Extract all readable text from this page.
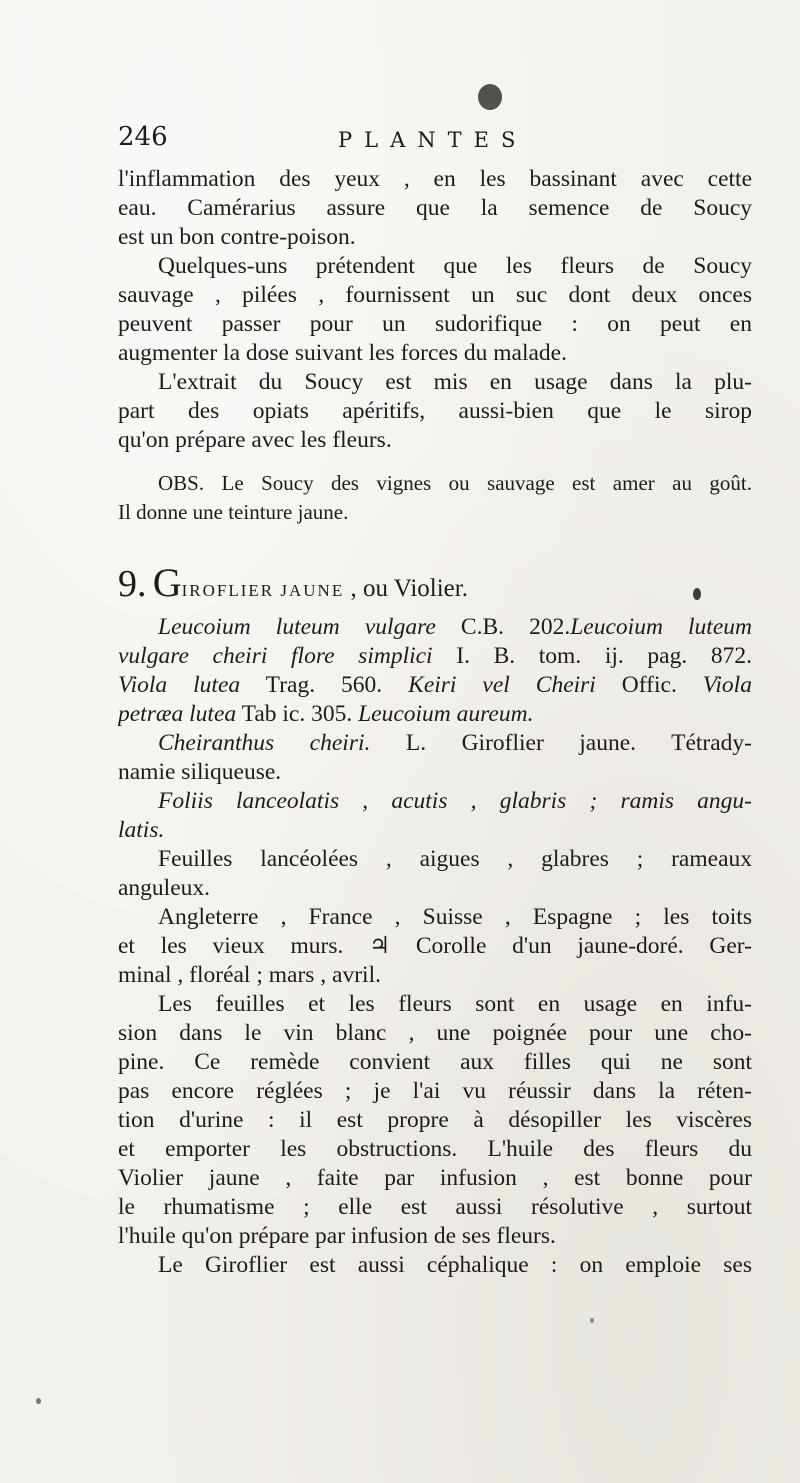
246	PLANTES
l'inflammation des yeux , en les bassinant avec cette
eau. Camérarius assure que la semence de Soucy
est un bon contre-poison.
Quelques-uns prétendent que les fleurs de Soucy
sauvage , pilées , fournissent un suc dont deux onces
peuvent passer pour un sudorifique : on peut en
augmenter la dose suivant les forces du malade.
L'extrait du Soucy est mis en usage dans la plu-
part des opiats apéritifs, aussi-bien que le sirop
qu'on prépare avec les fleurs.
OBS. Le Soucy des vignes ou sauvage est amer au goût.
Il donne une teinture jaune.
9. GIROFLIER JAUNE , ou Violier.
Leucoium luteum vulgare C.B. 202.Leucoium luteum
vulgare cheiri flore simplici I. B. tom. ij. pag. 872.
Viola lutea Trag. 560. Keiri vel Cheiri Offic. Viola
petræa lutea Tab ic. 305. Leucoium aureum.
Cheiranthus cheiri. L. Giroflier jaune. Tétrady-
namie siliqueuse.
Foliis lanceolatis , acutis , glabris ; ramis angu-
latis.
Feuilles lancéolées , aigues , glabres ; rameaux
anguleux.
Angleterre , France , Suisse , Espagne ; les toits
et les vieux murs. ♃ Corolle d'un jaune-doré. Ger-
minal , floréal ; mars , avril.
Les feuilles et les fleurs sont en usage en infu-
sion dans le vin blanc , une poignée pour une cho-
pine. Ce remède convient aux filles qui ne sont
pas encore réglées ; je l'ai vu réussir dans la réten-
tion d'urine : il est propre à désopiller les viscères
et emporter les obstructions. L'huile des fleurs du
Violier jaune , faite par infusion , est bonne pour
le rhumatisme ; elle est aussi résolutive , surtout
l'huile qu'on prépare par infusion de ses fleurs.
Le Giroflier est aussi céphalique : on emploie ses
